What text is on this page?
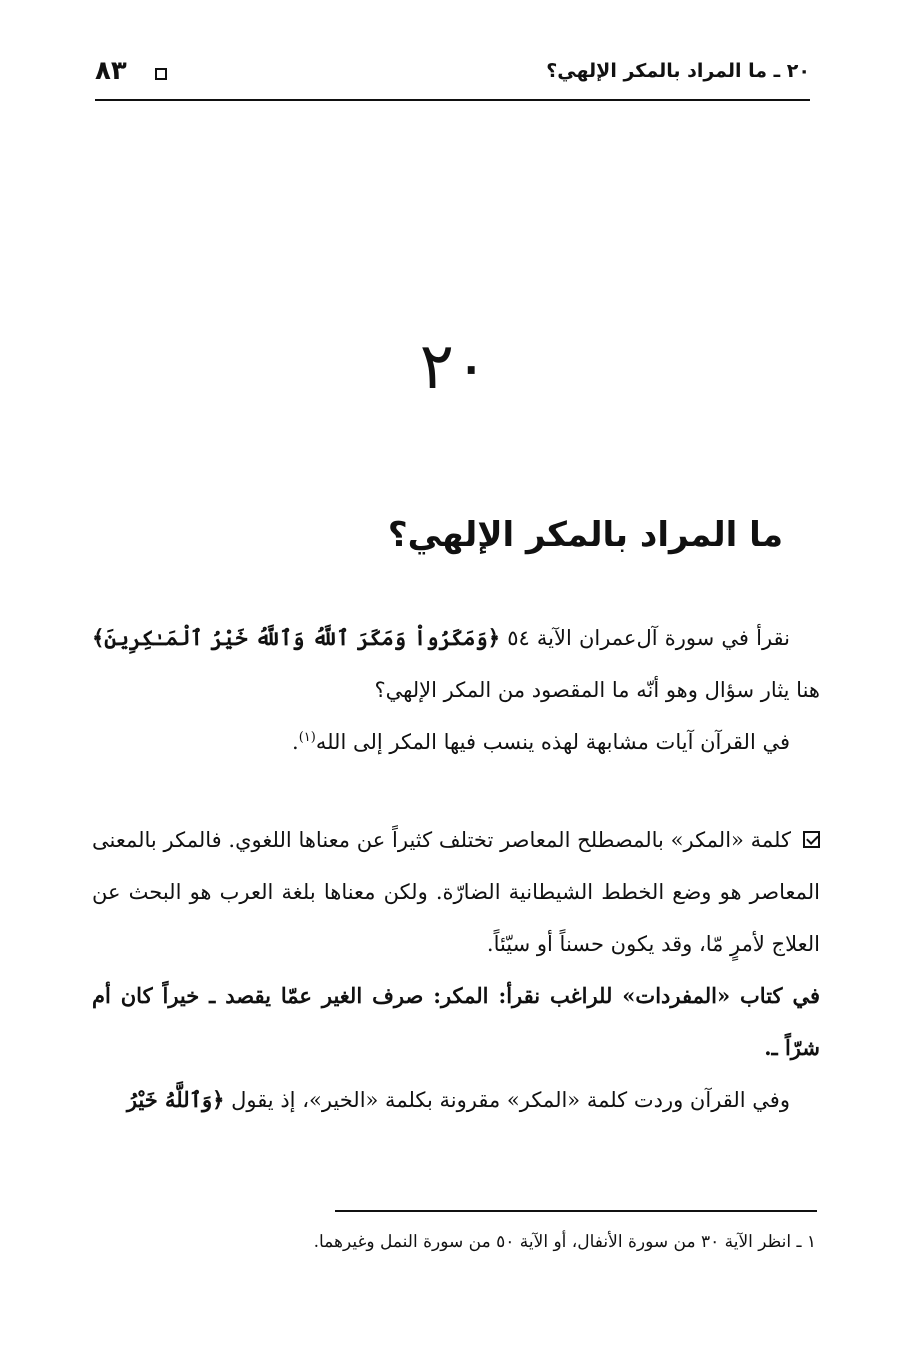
٢٠ ـ ما المراد بالمكر الإلهي؟
٨٣
٢٠
ما المراد بالمكر الإلهي؟

نقرأ في سورة آل‌عمران الآية ٥٤ ﴿وَمَكَرُواْ وَمَكَرَ ٱللَّهُ وَٱللَّهُ خَيْرُ ٱلْمَـٰكِرِينَ﴾ هنا يثار سؤال وهو أنّه ما المقصود من المكر الإلهي؟

في القرآن آيات مشابهة لهذه ينسب فيها المكر إلى الله$^{(١)}$.

كلمة «المكر» بالمصطلح المعاصر تختلف كثيراً عن معناها اللغوي. فالمكر بالمعنى المعاصر هو وضع الخطط الشيطانية الضارّة. ولكن معناها بلغة العرب هو البحث عن العلاج لأمرٍ مّا، وقد يكون حسناً أو سيّئاً.

في كتاب «المفردات» للراغب نقرأ: المكر: صرف الغير عمّا يقصد ـ خيراً كان أم شرّاً ـ.

وفي القرآن وردت كلمة «المكر» مقرونة بكلمة «الخير»، إذ يقول ﴿وَٱللَّهُ خَيْرُ

١ ـ انظر الآية ٣٠ من سورة الأنفال، أو الآية ٥٠ من سورة النمل وغيرهما.
